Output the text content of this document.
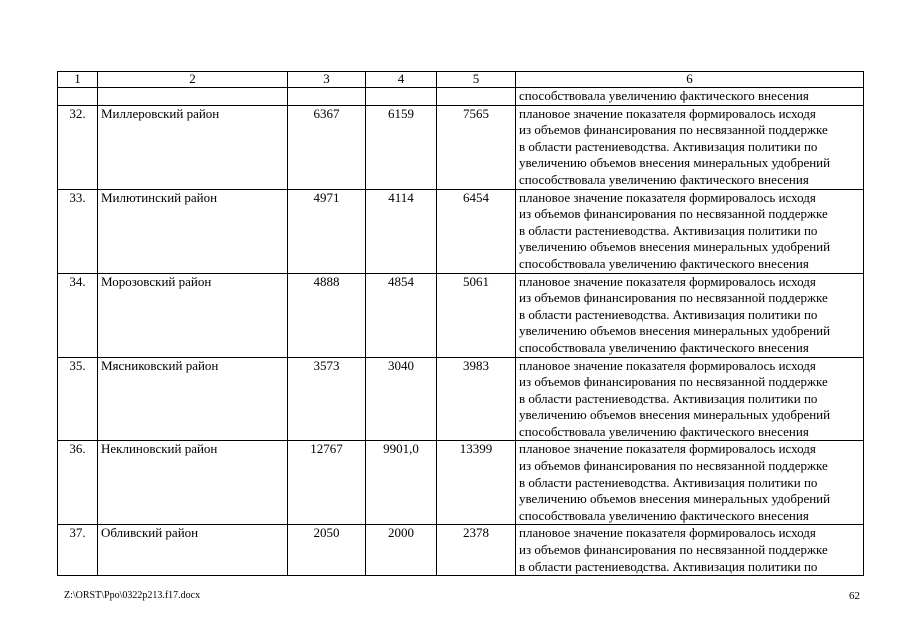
1	2	3	4	5	6
					способствовала увеличению фактического внесения
32.	Миллеровский район	6367	6159	7565	плановое значение показателя формировалось исходя
из объемов финансирования по несвязанной поддержке
в области растениеводства. Активизация политики по
увеличению объемов внесения минеральных удобрений
способствовала увеличению фактического внесения

33.	Милютинский район	4971	4114	6454	плановое значение показателя формировалось исходя
из объемов финансирования по несвязанной поддержке
в области растениеводства. Активизация политики по
увеличению объемов внесения минеральных удобрений
способствовала увеличению фактического внесения

34.	Морозовский район	4888	4854	5061	плановое значение показателя формировалось исходя
из объемов финансирования по несвязанной поддержке
в области растениеводства. Активизация политики по
увеличению объемов внесения минеральных удобрений
способствовала увеличению фактического внесения

35.	Мясниковский район	3573	3040	3983	плановое значение показателя формировалось исходя
из объемов финансирования по несвязанной поддержке
в области растениеводства. Активизация политики по
увеличению объемов внесения минеральных удобрений
способствовала увеличению фактического внесения

36.	Неклиновский район	12767	9901,0	13399	плановое значение показателя формировалось исходя
из объемов финансирования по несвязанной поддержке
в области растениеводства. Активизация политики по
увеличению объемов внесения минеральных удобрений
способствовала увеличению фактического внесения

37.	Обливский район	2050	2000	2378	плановое значение показателя формировалось исходя
из объемов финансирования по несвязанной поддержке
в области растениеводства. Активизация политики по
Z:\ORST\Ppo\0322p213.f17.docx	62
